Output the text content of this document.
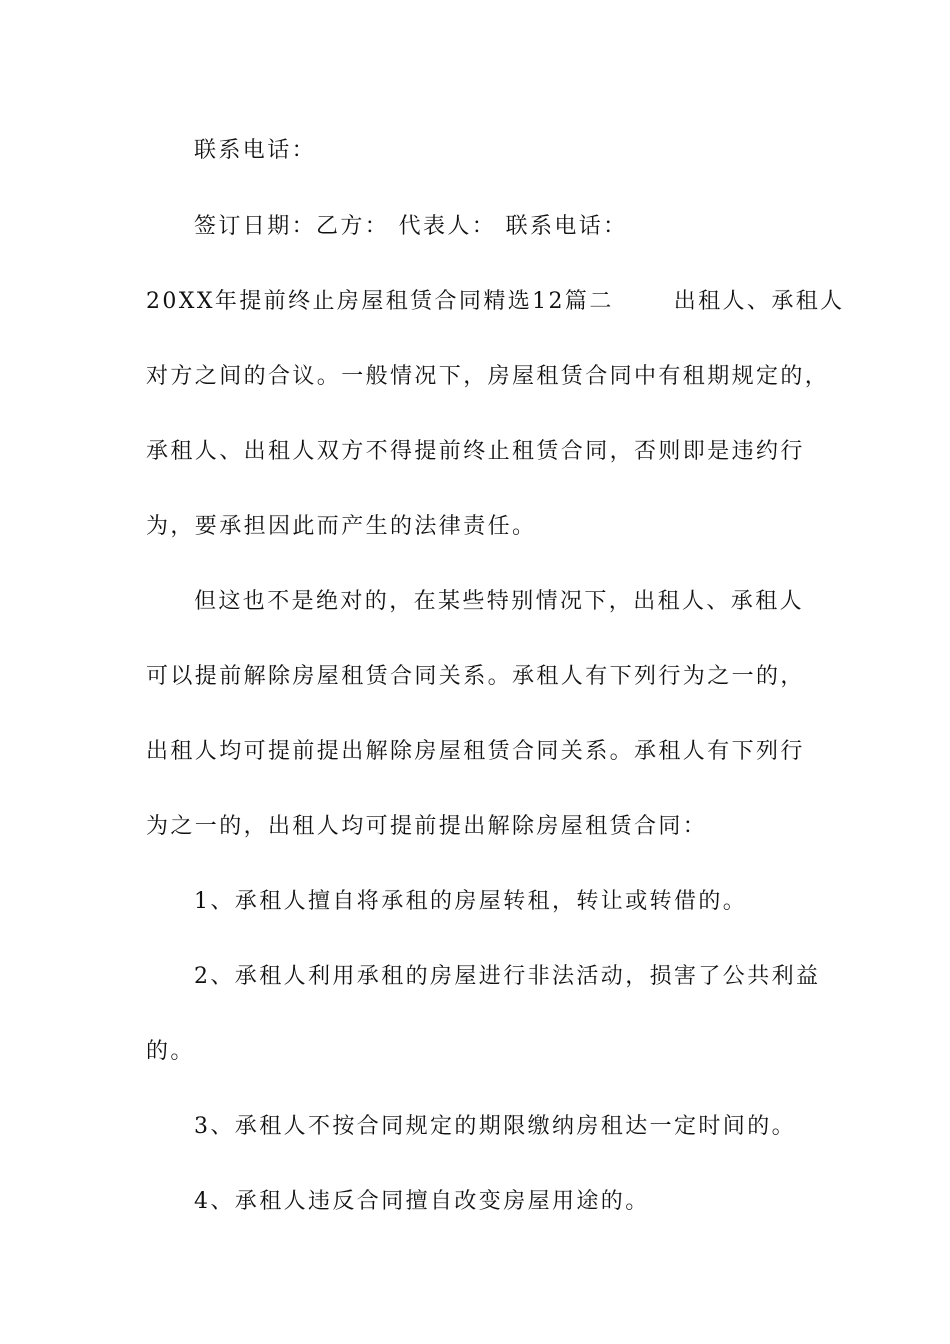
联系电话：
签订日期：乙方： 代表人： 联系电话：
20XX年提前终止房屋租赁合同精选12篇二	出租人、承租人
对方之间的合议。一般情况下，房屋租赁合同中有租期规定的，
承租人、出租人双方不得提前终止租赁合同，否则即是违约行
为，要承担因此而产生的法律责任。
但这也不是绝对的，在某些特别情况下，出租人、承租人
可以提前解除房屋租赁合同关系。承租人有下列行为之一的，
出租人均可提前提出解除房屋租赁合同关系。承租人有下列行
为之一的，出租人均可提前提出解除房屋租赁合同：
1、承租人擅自将承租的房屋转租，转让或转借的。
2、承租人利用承租的房屋进行非法活动，损害了公共利益
的。
3、承租人不按合同规定的期限缴纳房租达一定时间的。
4、承租人违反合同擅自改变房屋用途的。
